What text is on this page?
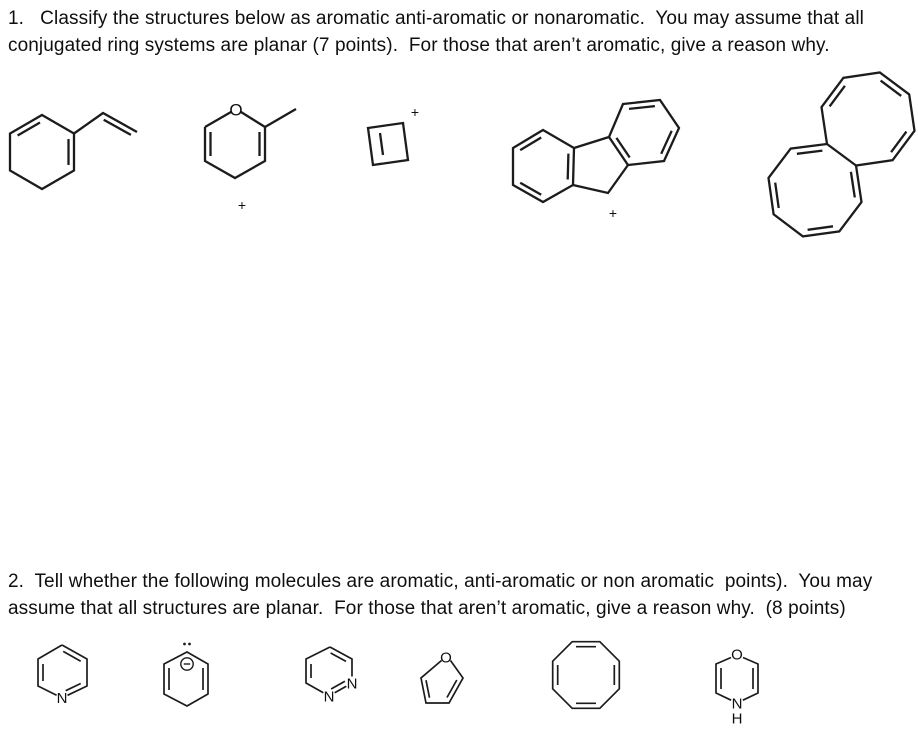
1.   Classify the structures below as aromatic anti-aromatic or nonaromatic.  You may assume that all
conjugated ring systems are planar (7 points).  For those that aren’t aromatic, give a reason why.
O
+
+
+
2.  Tell whether the following molecules are aromatic, anti-aromatic or non aromatic  points).  You may
assume that all structures are planar.  For those that aren’t aromatic, give a reason why.  (8 points)
N
N
N
O	O
N
H
